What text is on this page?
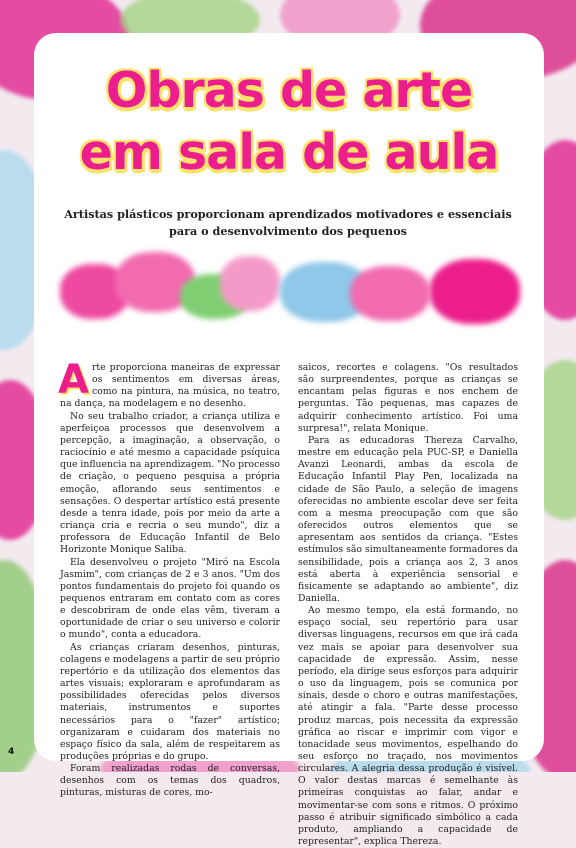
Obras de arte
em sala de aula
Artistas plásticos proporcionam aprendizados motivadores e essenciais para o desenvolvimento dos pequenos

Arte proporciona maneiras de expressar os sentimentos em diversas áreas, como na pintura, na música, no teatro, na dança, na modelagem e no desenho.

No seu trabalho criador, a criança utiliza e aperfeiçoa processos que desenvolvem a percepção, a imaginação, a observação, o raciocínio e até mesmo a capacidade psíquica que influencia na aprendizagem. "No processo de criação, o pequeno pesquisa a própria emoção, aflorando seus sentimentos e sensações. O despertar artístico está presente desde a tenra idade, pois por meio da arte a criança cria e recria o seu mundo", diz a professora de Educação Infantil de Belo Horizonte Monique Saliba.

Ela desenvolveu o projeto "Miró na Escola Jasmim", com crianças de 2 e 3 anos. "Um dos pontos fundamentais do projeto foi quando os pequenos entraram em contato com as cores e descobriram de onde elas vêm, tiveram a oportunidade de criar o seu universo e colorir o mundo", conta a educadora.

As crianças criaram desenhos, pinturas, colagens e modelagens a partir de seu próprio repertório e da utilização dos elementos das artes visuais; exploraram e aprofundaram as possibilidades oferecidas pelos diversos materiais, instrumentos e suportes necessários para o "fazer" artístico; organizaram e cuidaram dos materiais no espaço físico da sala, além de respeitarem as produções próprias e do grupo.

Foram realizadas rodas de conversas, desenhos com os temas dos quadros, pinturas, misturas de cores, mo-

saicos, recortes e colagens. "Os resultados são surpreendentes, porque as crianças se encantam pelas figuras e nos enchem de perguntas. Tão pequenas, mas capazes de adquirir conhecimento artístico. Foi uma surpresa!", relata Monique.

Para as educadoras Thereza Carvalho, mestre em educação pela PUC-SP, e Daniella Avanzi Leonardi, ambas da escola de Educação Infantil Play Pen, localizada na cidade de São Paulo, a seleção de imagens oferecidas no ambiente escolar deve ser feita com a mesma preocupação com que são oferecidos outros elementos que se apresentam aos sentidos da criança. "Estes estímulos são simultaneamente formadores da sensibilidade, pois a criança aos 2, 3 anos está aberta à experiência sensorial e fisicamente se adaptando ao ambiente", diz Daniella.

Ao mesmo tempo, ela está formando, no espaço social, seu repertório para usar diversas linguagens, recursos em que irá cada vez mais se apoiar para desenvolver sua capacidade de expressão. Assim, nesse período, ela dirige seus esforços para adquirir o uso da linguagem, pois se comunica por sinais, desde o choro e outras manifestações, até atingir a fala. "Parte desse processo produz marcas, pois necessita da expressão gráfica ao riscar e imprimir com vigor e tonacidade seus movimentos, espelhando do seu esforço no traçado, nos movimentos circulares. A alegria dessa produção é visível. O valor destas marcas é semelhante às primeiras conquistas ao falar, andar e movimentar-se com sons e ritmos. O próximo passo é atribuir significado simbólico a cada produto, ampliando a capacidade de representar", explica Thereza.

4
